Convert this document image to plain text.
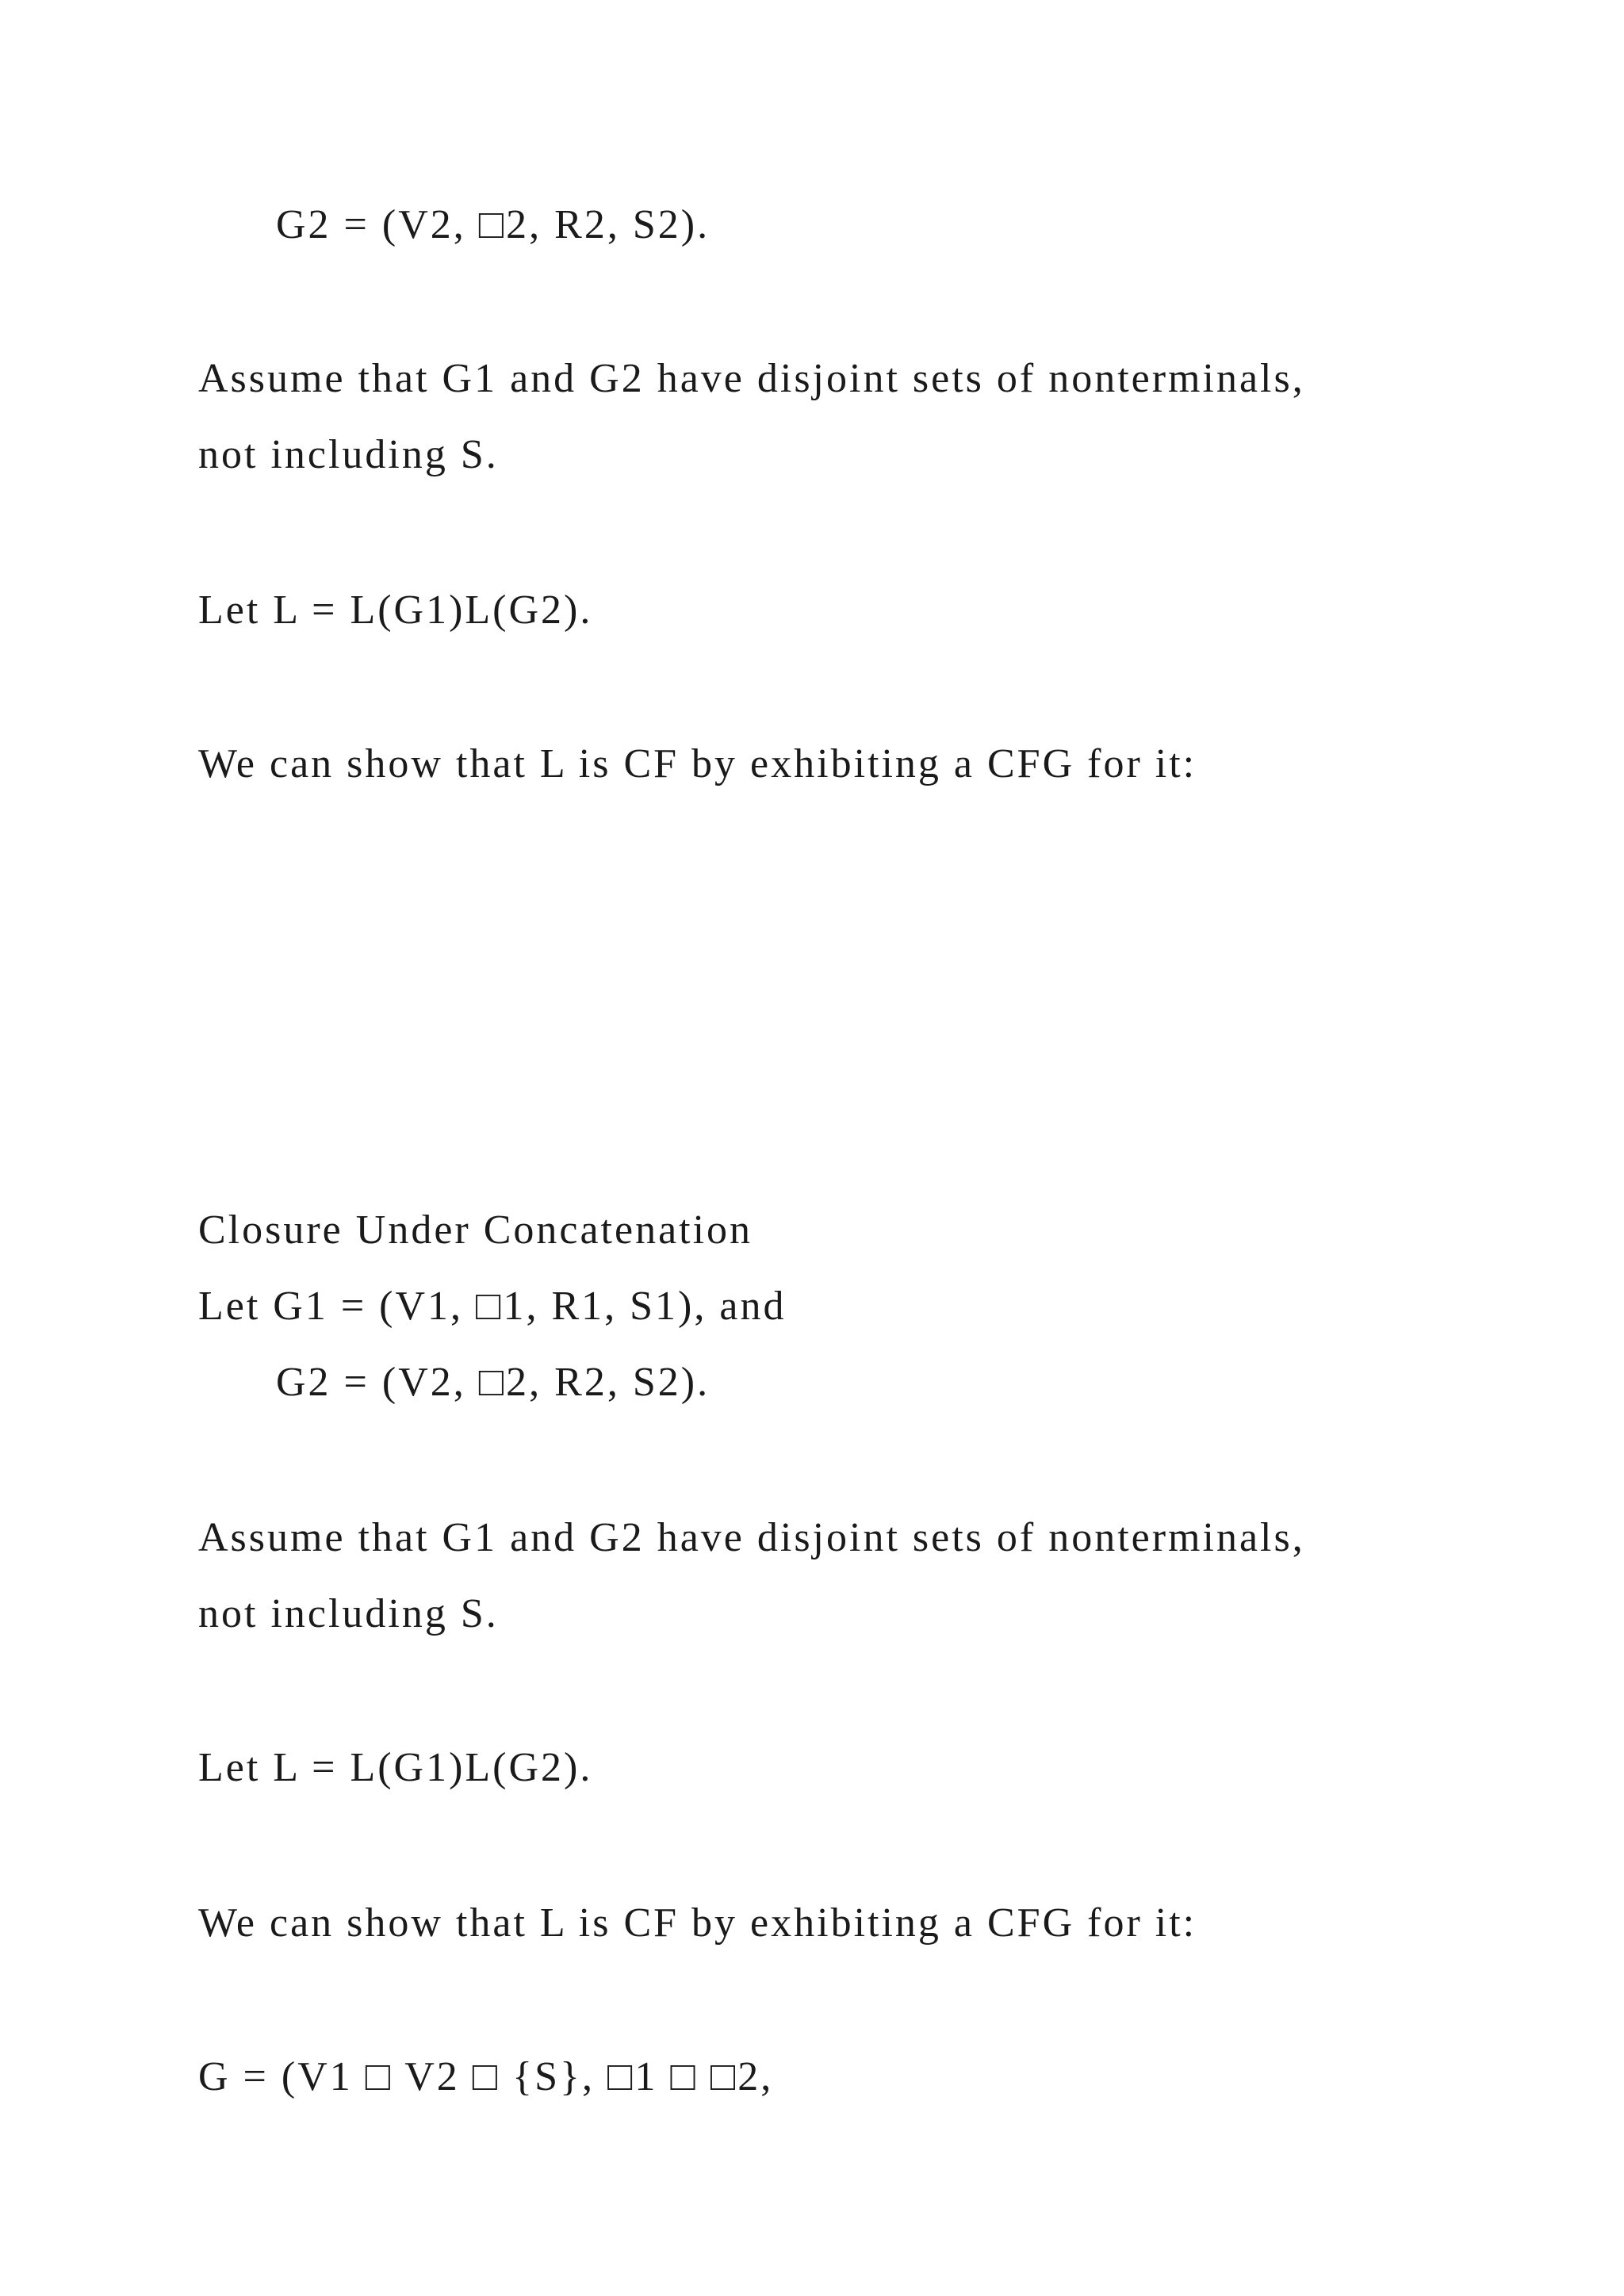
G2 = (V2, □2, R2, S2).
Assume that G1 and G2 have disjoint sets of nonterminals,
not including S.
Let L = L(G1)L(G2).
We can show that L is CF by exhibiting a CFG for it:
Closure Under Concatenation
Let G1 = (V1, □1, R1, S1), and
G2 = (V2, □2, R2, S2).
Assume that G1 and G2 have disjoint sets of nonterminals,
not including S.
Let L = L(G1)L(G2).
We can show that L is CF by exhibiting a CFG for it:
G = (V1 □ V2 □ {S}, □1 □ □2,
